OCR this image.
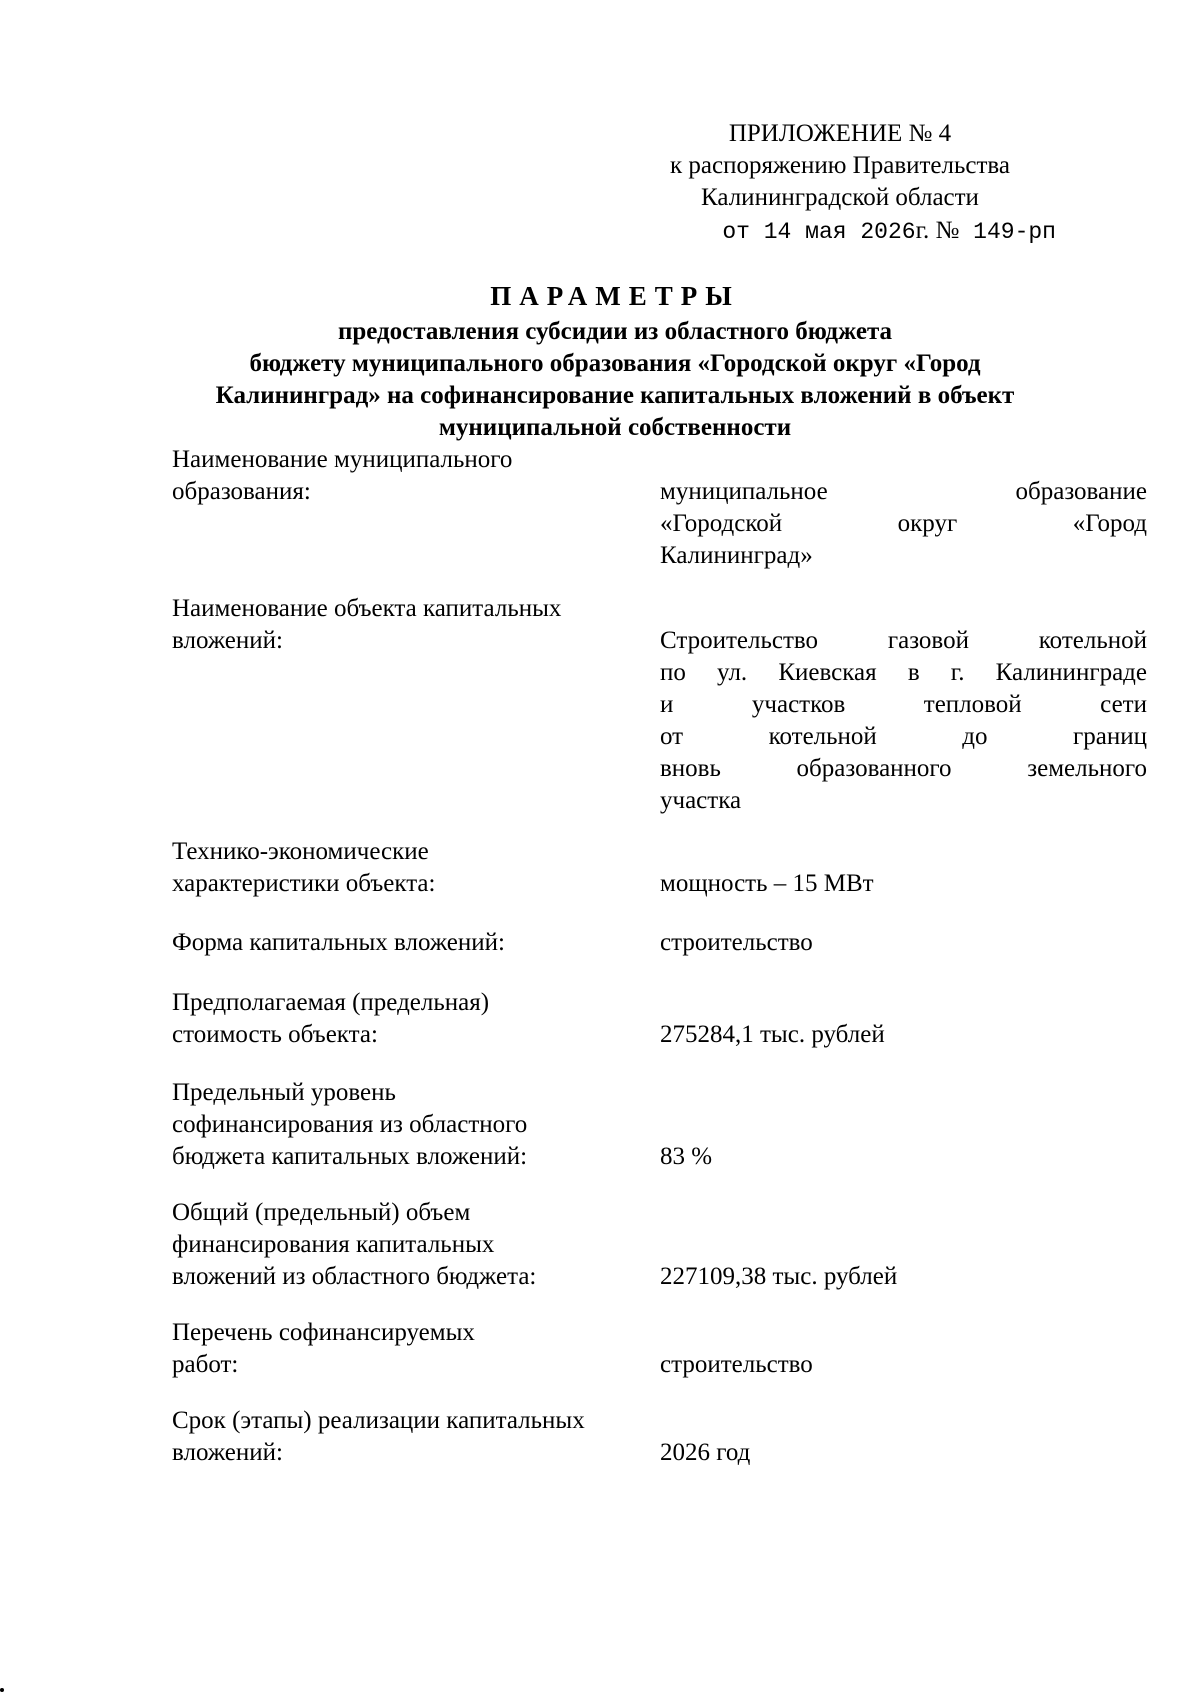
ПРИЛОЖЕНИЕ № 4
к распоряжению Правительства
Калининградской области
от 14 мая 2026г. № 149-рп
ПАРАМЕТРЫ
предоставления субсидии из областного бюджета
бюджету муниципального образования «Городской округ «Город
Калининград» на софинансирование капитальных вложений в объект
муниципальной собственности
Наименование муниципального
образования:	муниципальное образование
«Городской округ «Город
Калининград»
Наименование объекта капитальных
вложений:	Строительство газовой котельной
по ул. Киевская в г. Калининграде
и участков тепловой сети
от котельной до границ
вновь образованного земельного
участка
Технико-экономические
характеристики объекта:	мощность – 15 МВт
Форма капитальных вложений:	строительство
Предполагаемая (предельная)
стоимость объекта:	275284,1 тыс. рублей
Предельный уровень
софинансирования из областного
бюджета капитальных вложений:	83 %
Общий (предельный) объем
финансирования капитальных
вложений из областного бюджета:	227109,38 тыс. рублей
Перечень софинансируемых
работ:	строительство
Срок (этапы) реализации капитальных
вложений:	2026 год
